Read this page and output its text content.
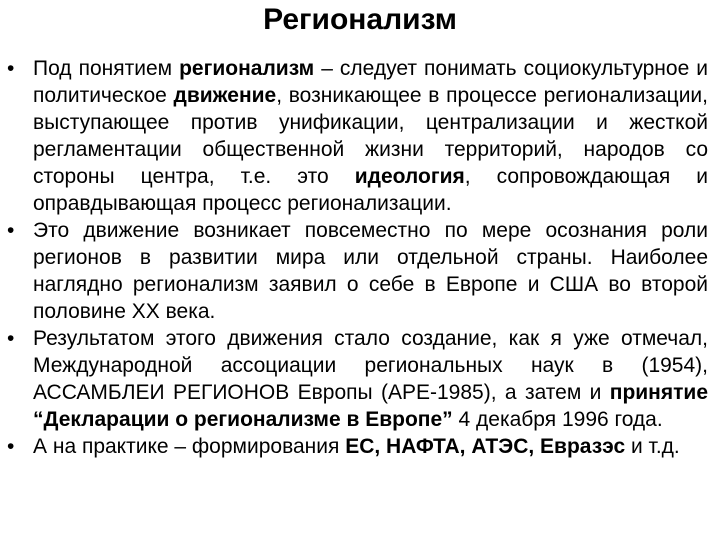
Регионализм
• Под понятием регионализм – следует понимать социокультурное и политическое движение, возникающее в процессе регионализации, выступающее против унификации, централизации и жесткой регламентации общественной жизни территорий, народов со стороны центра, т.е. это идеология, сопровождающая и оправдывающая процесс регионализации.
• Это движение возникает повсеместно по мере осознания роли регионов в развитии мира или отдельной страны. Наиболее наглядно регионализм заявил о себе в Европе и США во второй половине XX века.
• Результатом этого движения стало создание, как я уже отмечал, Международной ассоциации региональных наук в (1954), АССАМБЛЕИ РЕГИОНОВ Европы (АРЕ-1985), а затем и принятие “Декларации о регионализме в Европе” 4 декабря 1996 года.
• А на практике – формирования ЕС, НАФТА, АТЭС, Евразэс и т.д.
